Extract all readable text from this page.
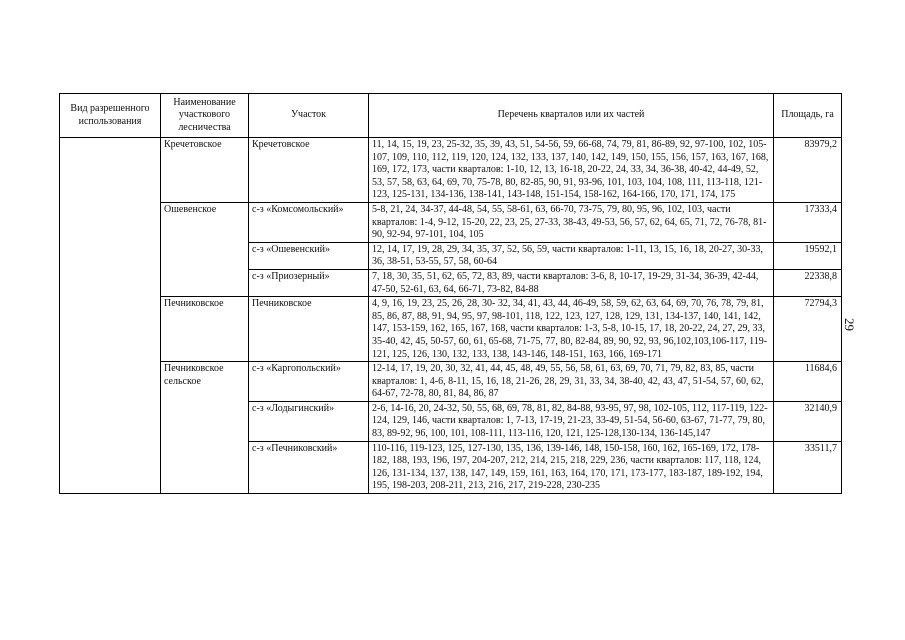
Вид разрешенного использования	Наименование участкового лесничества	Участок	Перечень кварталов или их частей	Площадь, га
	Кречетовское	Кречетовское	11, 14, 15, 19, 23, 25-32, 35, 39, 43, 51, 54-56, 59, 66-68, 74, 79, 81, 86-89, 92, 97-100, 102, 105-107, 109, 110, 112, 119, 120, 124, 132, 133, 137, 140, 142, 149, 150, 155, 156, 157, 163, 167, 168, 169, 172, 173, части кварталов: 1-10, 12, 13, 16-18, 20-22, 24, 33, 34, 36-38, 40-42, 44-49, 52, 53, 57, 58, 63, 64, 69, 70, 75-78, 80, 82-85, 90, 91, 93-96, 101, 103, 104, 108, 111, 113-118, 121-123, 125-131, 134-136, 138-141, 143-148, 151-154, 158-162, 164-166, 170, 171, 174, 175	83979,2
	Ошевенское	с-з «Комсомольский»	5-8, 21, 24, 34-37, 44-48, 54, 55, 58-61, 63, 66-70, 73-75, 79, 80, 95, 96, 102, 103, части кварталов: 1-4, 9-12, 15-20, 22, 23, 25, 27-33, 38-43, 49-53, 56, 57, 62, 64, 65, 71, 72, 76-78, 81-90, 92-94, 97-101, 104, 105	17333,4
		с-з «Ошевенский»	12, 14, 17, 19, 28, 29, 34, 35, 37, 52, 56, 59, части кварталов: 1-11, 13, 15, 16, 18, 20-27, 30-33, 36, 38-51, 53-55, 57, 58, 60-64	19592,1
		с-з «Приозерный»	7, 18, 30, 35, 51, 62, 65, 72, 83, 89, части кварталов: 3-6, 8, 10-17, 19-29, 31-34, 36-39, 42-44, 47-50, 52-61, 63, 64, 66-71, 73-82, 84-88	22338,8
	Печниковское	Печниковское	4, 9, 16, 19, 23, 25, 26, 28, 30- 32, 34, 41, 43, 44, 46-49, 58, 59, 62, 63, 64, 69, 70, 76, 78, 79, 81, 85, 86, 87, 88, 91, 94, 95, 97, 98-101, 118, 122, 123, 127, 128, 129, 131, 134-137, 140, 141, 142, 147, 153-159, 162, 165, 167, 168, части кварталов: 1-3, 5-8, 10-15, 17, 18, 20-22, 24, 27, 29, 33, 35-40, 42, 45, 50-57, 60, 61, 65-68, 71-75, 77, 80, 82-84, 89, 90, 92, 93, 96,102,103,106-117, 119-121, 125, 126, 130, 132, 133, 138, 143-146, 148-151, 163, 166, 169-171	72794,3
	Печниковское сельское	с-з «Каргопольский»	12-14, 17, 19, 20, 30, 32, 41, 44, 45, 48, 49, 55, 56, 58, 61, 63, 69, 70, 71, 79, 82, 83, 85, части кварталов: 1, 4-6, 8-11, 15, 16, 18, 21-26, 28, 29, 31, 33, 34, 38-40, 42, 43, 47, 51-54, 57, 60, 62, 64-67, 72-78, 80, 81, 84, 86, 87	11684,6
		с-з «Лодыгинский»	2-6, 14-16, 20, 24-32, 50, 55, 68, 69, 78, 81, 82, 84-88, 93-95, 97, 98, 102-105, 112, 117-119, 122-124, 129, 146, части кварталов: 1, 7-13, 17-19, 21-23, 33-49, 51-54, 56-60, 63-67, 71-77, 79, 80, 83, 89-92, 96, 100, 101, 108-111, 113-116, 120, 121, 125-128,130-134, 136-145,147	32140,9
		с-з «Печниковский»	110-116, 119-123, 125, 127-130, 135, 136, 139-146, 148, 150-158, 160, 162, 165-169, 172, 178-182, 188, 193, 196, 197, 204-207, 212, 214, 215, 218, 229, 236, части кварталов: 117, 118, 124, 126, 131-134, 137, 138, 147, 149, 159, 161, 163, 164, 170, 171, 173-177, 183-187, 189-192, 194, 195, 198-203, 208-211, 213, 216, 217, 219-228, 230-235	33511,7
29
